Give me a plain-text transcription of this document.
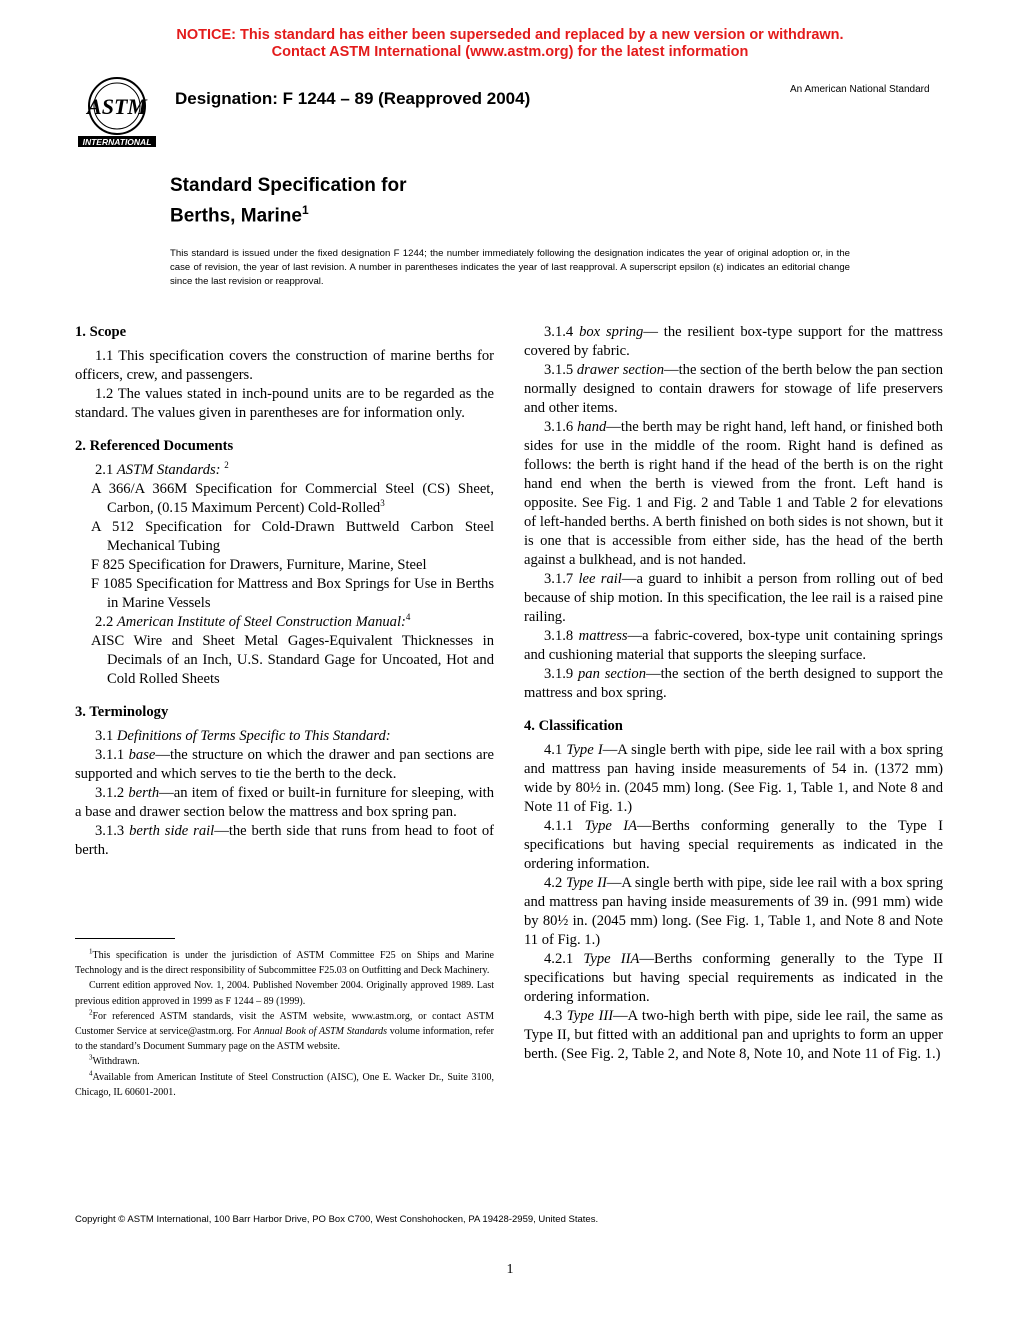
NOTICE: This standard has either been superseded and replaced by a new version or withdrawn.
Contact ASTM International (www.astm.org) for the latest information
ASTM
INTERNATIONAL
Designation: F 1244 – 89 (Reapproved 2004)	An American National Standard
Standard Specification for
Berths, Marine$^1$
This standard is issued under the fixed designation F 1244; the number immediately following the designation indicates the year of original adoption or, in the case of revision, the year of last revision. A number in parentheses indicates the year of last reapproval. A superscript epsilon (ε) indicates an editorial change since the last revision or reapproval.
1. Scope

1.1 This specification covers the construction of marine berths for officers, crew, and passengers.

1.2 The values stated in inch-pound units are to be regarded as the standard. The values given in parentheses are for information only.

2. Referenced Documents

2.1 ASTM Standards: $^2$

A 366/A 366M Specification for Commercial Steel (CS) Sheet, Carbon, (0.15 Maximum Percent) Cold-Rolled$^3$

A 512 Specification for Cold-Drawn Buttweld Carbon Steel Mechanical Tubing

F 825 Specification for Drawers, Furniture, Marine, Steel

F 1085 Specification for Mattress and Box Springs for Use in Berths in Marine Vessels

2.2 American Institute of Steel Construction Manual:$^4$

AISC Wire and Sheet Metal Gages-Equivalent Thicknesses in Decimals of an Inch, U.S. Standard Gage for Uncoated, Hot and Cold Rolled Sheets

3. Terminology

3.1 Definitions of Terms Specific to This Standard:

3.1.1 base—the structure on which the drawer and pan sections are supported and which serves to tie the berth to the deck.

3.1.2 berth—an item of fixed or built-in furniture for sleeping, with a base and drawer section below the mattress and box spring pan.

3.1.3 berth side rail—the berth side that runs from head to foot of berth.

$^1$This specification is under the jurisdiction of ASTM Committee F25 on Ships and Marine Technology and is the direct responsibility of Subcommittee F25.03 on Outfitting and Deck Machinery.

Current edition approved Nov. 1, 2004. Published November 2004. Originally approved 1989. Last previous edition approved in 1999 as F 1244 – 89 (1999).

$^2$For referenced ASTM standards, visit the ASTM website, www.astm.org, or contact ASTM Customer Service at service@astm.org. For Annual Book of ASTM Standards volume information, refer to the standard’s Document Summary page on the ASTM website.

$^3$Withdrawn.

$^4$Available from American Institute of Steel Construction (AISC), One E. Wacker Dr., Suite 3100, Chicago, IL 60601-2001.

3.1.4 box spring— the resilient box-type support for the mattress covered by fabric.

3.1.5 drawer section—the section of the berth below the pan section normally designed to contain drawers for stowage of life preservers and other items.

3.1.6 hand—the berth may be right hand, left hand, or finished both sides for use in the middle of the room. Right hand is defined as follows: the berth is right hand if the head of the berth is on the right hand end when the berth is viewed from the front. Left hand is opposite. See Fig. 1 and Fig. 2 and Table 1 and Table 2 for elevations of left-handed berths. A berth finished on both sides is not shown, but it is one that is accessible from either side, has the head of the berth against a bulkhead, and is not handed.

3.1.7 lee rail—a guard to inhibit a person from rolling out of bed because of ship motion. In this specification, the lee rail is a raised pine railing.

3.1.8 mattress—a fabric-covered, box-type unit containing springs and cushioning material that supports the sleeping surface.

3.1.9 pan section—the section of the berth designed to support the mattress and box spring.

4. Classification

4.1 Type I—A single berth with pipe, side lee rail with a box spring and mattress pan having inside measurements of 54 in. (1372 mm) wide by 80½ in. (2045 mm) long. (See Fig. 1, Table 1, and Note 8 and Note 11 of Fig. 1.)

4.1.1 Type IA—Berths conforming generally to the Type I specifications but having special requirements as indicated in the ordering information.

4.2 Type II—A single berth with pipe, side lee rail with a box spring and mattress pan having inside measurements of 39 in. (991 mm) wide by 80½ in. (2045 mm) long. (See Fig. 1, Table 1, and Note 8 and Note 11 of Fig. 1.)

4.2.1 Type IIA—Berths conforming generally to the Type II specifications but having special requirements as indicated in the ordering information.

4.3 Type III—A two-high berth with pipe, side lee rail, the same as Type II, but fitted with an additional pan and uprights to form an upper berth. (See Fig. 2, Table 2, and Note 8, Note 10, and Note 11 of Fig. 1.)

Copyright © ASTM International, 100 Barr Harbor Drive, PO Box C700, West Conshohocken, PA 19428-2959, United States.
1
